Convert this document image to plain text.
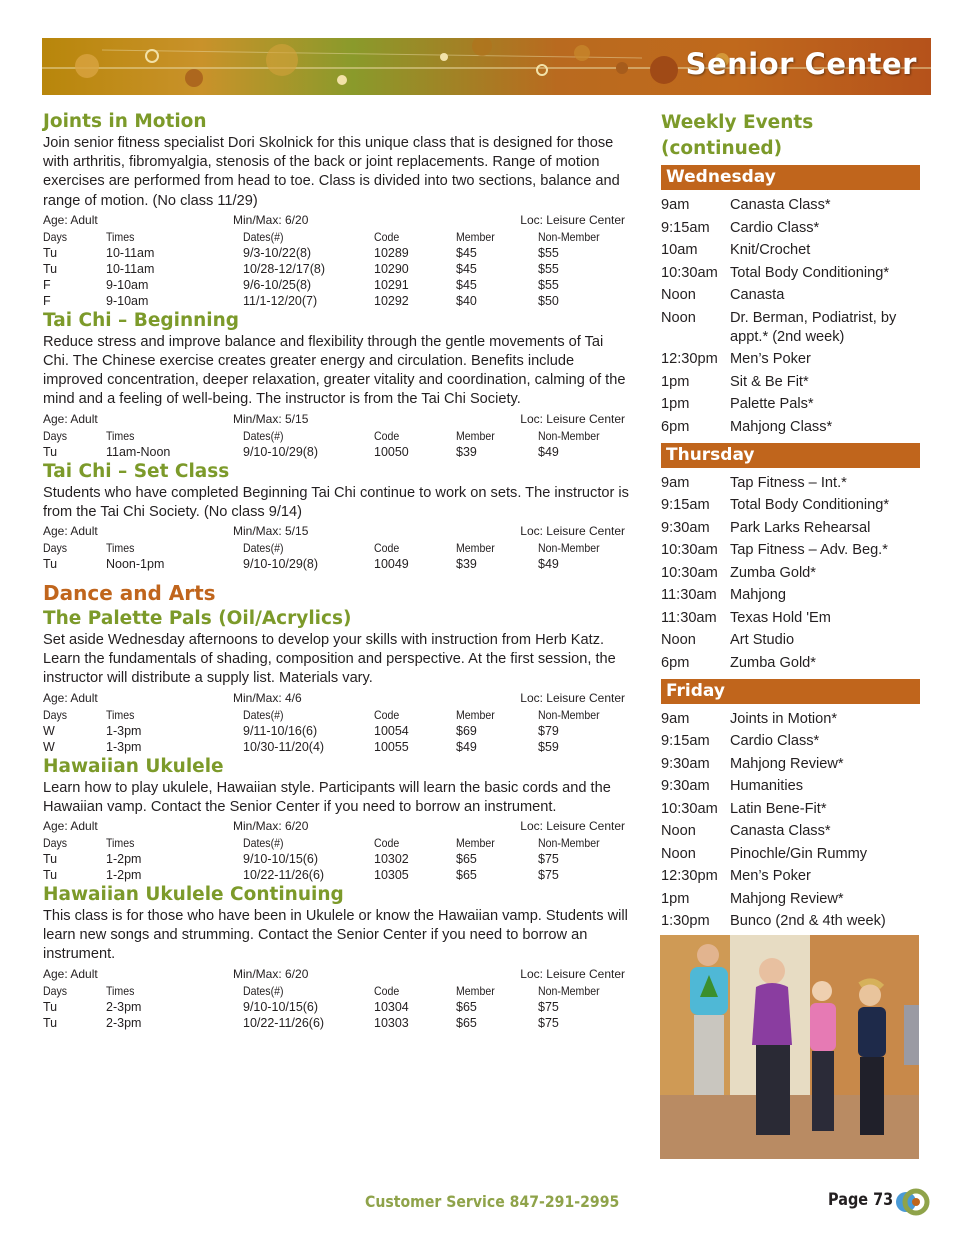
Senior Center
Joints in Motion

Join senior fitness specialist Dori Skolnick for this unique class that is designed for those with arthritis, fibromyalgia, stenosis of the back or joint replacements. Range of motion exercises are performed from head to toe. Class is divided into two sections, balance and range of motion. (No class 11/29)

Age: Adult	Min/Max: 6/20	Loc: Leisure Center
Days	Times	Dates(#)	Code	Member	Non-Member
Tu	10-11am	9/3-10/22(8)	10289	$45	$55
Tu	10-11am	10/28-12/17(8)	10290	$45	$55
F	9-10am	9/6-10/25(8)	10291	$45	$55
F	9-10am	11/1-12/20(7)	10292	$40	$50
Tai Chi – Beginning

Reduce stress and improve balance and flexibility through the gentle movements of Tai Chi. The Chinese exercise creates greater energy and circulation. Benefits include improved concentration, deeper relaxation, greater vitality and coordination, calming of the mind and a feeling of well-being. The instructor is from the Tai Chi Society.

Age: Adult	Min/Max: 5/15	Loc: Leisure Center
Days	Times	Dates(#)	Code	Member	Non-Member
Tu	11am-Noon	9/10-10/29(8)	10050	$39	$49
Tai Chi – Set Class

Students who have completed Beginning Tai Chi continue to work on sets. The instructor is from the Tai Chi Society. (No class 9/14)

Age: Adult	Min/Max: 5/15	Loc: Leisure Center
Days	Times	Dates(#)	Code	Member	Non-Member
Tu	Noon-1pm	9/10-10/29(8)	10049	$39	$49
Dance and Arts
The Palette Pals (Oil/Acrylics)

Set aside Wednesday afternoons to develop your skills with instruction from Herb Katz. Learn the fundamentals of shading, composition and perspective. At the first session, the instructor will distribute a supply list. Materials vary.

Age: Adult	Min/Max: 4/6	Loc: Leisure Center
Days	Times	Dates(#)	Code	Member	Non-Member
W	1-3pm	9/11-10/16(6)	10054	$69	$79
W	1-3pm	10/30-11/20(4)	10055	$49	$59
Hawaiian Ukulele

Learn how to play ukulele, Hawaiian style. Participants will learn the basic cords and the Hawaiian vamp. Contact the Senior Center if you need to borrow an instrument.

Age: Adult	Min/Max: 6/20	Loc: Leisure Center
Days	Times	Dates(#)	Code	Member	Non-Member
Tu	1-2pm	9/10-10/15(6)	10302	$65	$75
Tu	1-2pm	10/22-11/26(6)	10305	$65	$75
Hawaiian Ukulele Continuing

This class is for those who have been in Ukulele or know the Hawaiian vamp. Students will learn new songs and strumming. Contact the Senior Center if you need to borrow an instrument.

Age: Adult	Min/Max: 6/20	Loc: Leisure Center
Days	Times	Dates(#)	Code	Member	Non-Member
Tu	2-3pm	9/10-10/15(6)	10304	$65	$75
Tu	2-3pm	10/22-11/26(6)	10303	$65	$75
Weekly Events (continued)
Wednesday
9am	Canasta Class*
9:15am	Cardio Class*
10am	Knit/Crochet
10:30am Total Body Conditioning*
Noon	Canasta
Noon	Dr. Berman, Podiatrist, by appt.* (2nd week)
12:30pm Men’s Poker
1pm	Sit & Be Fit*
1pm	Palette Pals*
6pm	Mahjong Class*
Thursday
9am	Tap Fitness – Int.*
9:15am	Total Body Conditioning*
9:30am	Park Larks Rehearsal
10:30am Tap Fitness – Adv. Beg.*
10:30am Zumba Gold*
11:30am Mahjong
11:30am Texas Hold 'Em
Noon	Art Studio
6pm	Zumba Gold*
Friday
9am	Joints in Motion*
9:15am	Cardio Class*
9:30am	Mahjong Review*
9:30am	Humanities
10:30am Latin Bene-Fit*
Noon	Canasta Class*
Noon	Pinochle/Gin Rummy
12:30pm Men’s Poker
1pm	Mahjong Review*
1:30pm	Bunco (2nd & 4th week)
Customer Service 847-291-2995	Page 73
